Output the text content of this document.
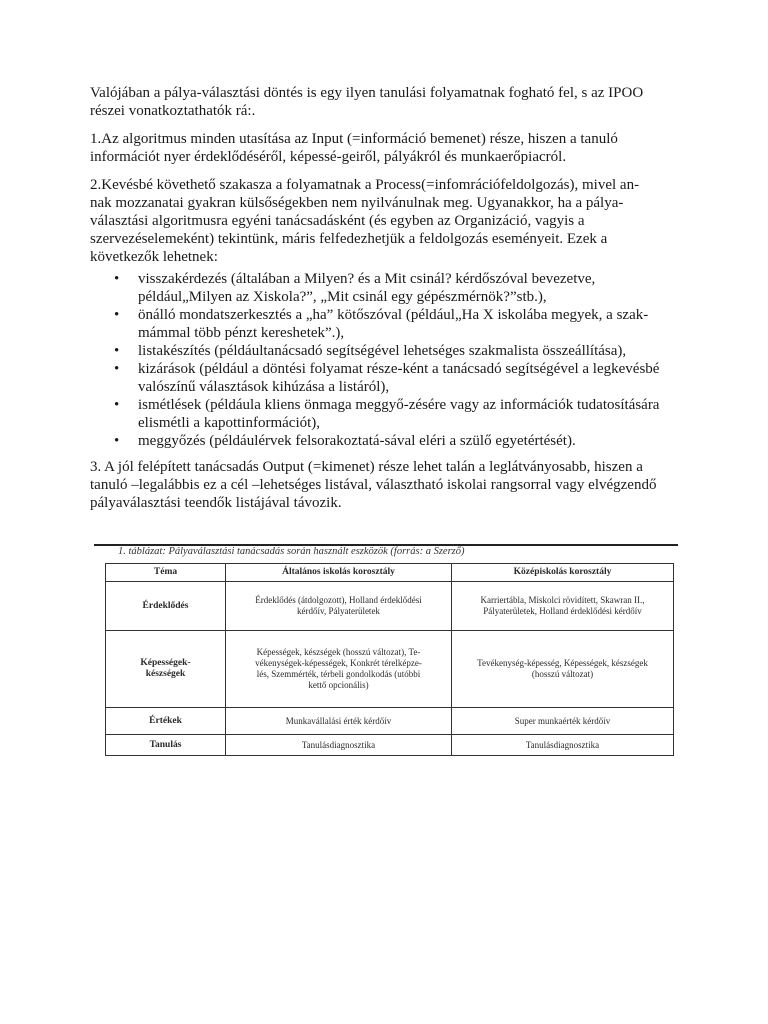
Valójában a pálya-választási döntés is egy ilyen tanulási folyamatnak fogható fel, s az IPOO
részei vonatkoztathatók rá:.

1.Az algoritmus minden utasítása az Input (=információ bemenet) része, hiszen a tanuló
információt nyer érdeklődéséről, képessé-geiről, pályákról és munkaerőpiacról.

2.Kevésbé követhető szakasza a folyamatnak a Process(=infomrációfeldolgozás), mivel an-
nak mozzanatai gyakran külsőségekben nem nyilvánulnak meg. Ugyanakkor, ha a pálya-
választási algoritmusra egyéni tanácsadásként (és egyben az Organizáció, vagyis a
szervezéselemeként) tekintünk, máris felfedezhetjük a feldolgozás eseményeit. Ezek a
következők lehetnek:

• visszakérdezés (általában a Milyen? és a Mit csinál? kérdőszóval bevezetve,
például„Milyen az Xiskola?”, „Mit csinál egy gépészmérnök?”stb.),
• önálló mondatszerkesztés a „ha” kötőszóval (például„Ha X iskolába megyek, a szak-
mámmal több pénzt kereshetek”.),
• listakészítés (példáultanácsadó segítségével lehetséges szakmalista összeállítása),
• kizárások (például a döntési folyamat része-ként a tanácsadó segítségével a legkevésbé
valószínű választások kihúzása a listáról),
• ismétlések (példáula kliens önmaga meggyő-zésére vagy az információk tudatosítására
elismétli a kapottinformációt),
• meggyőzés (példáulérvek felsorakoztatá-sával eléri a szülő egyetértését).

3. A jól felépített tanácsadás Output (=kimenet) része lehet talán a leglátványosabb, hiszen a
tanuló –legalábbis ez a cél –lehetséges listával, választható iskolai rangsorral vagy elvégzendő
pályaválasztási teendők listájával távozik.

1. táblázat: Pályaválasztási tanácsadás során használt eszközök (forrás: a Szerző)
Téma	Általános iskolás korosztály	Középiskolás korosztály

Érdeklődés	Érdeklődés (átdolgozott), Holland érdeklődési
kérdőív, Pályaterületek	Karriertábla, Miskolci rövidített, Skawran II.,
Pályaterületek, Holland érdeklődési kérdőív

Képességek-
készségek	Képességek, készségek (hosszú változat), Te-
vékenységek-képességek, Konkrét térelképze-
lés, Szemmérték, térbeli gondolkodás (utóbbi
kettő opcionális)	Tevékenység-képesség, Képességek, készségek
(hosszú változat)

Értékek	Munkavállalási érték kérdőív	Super munkaérték kérdőív

Tanulás	Tanulásdiagnosztika	Tanulásdiagnosztika
